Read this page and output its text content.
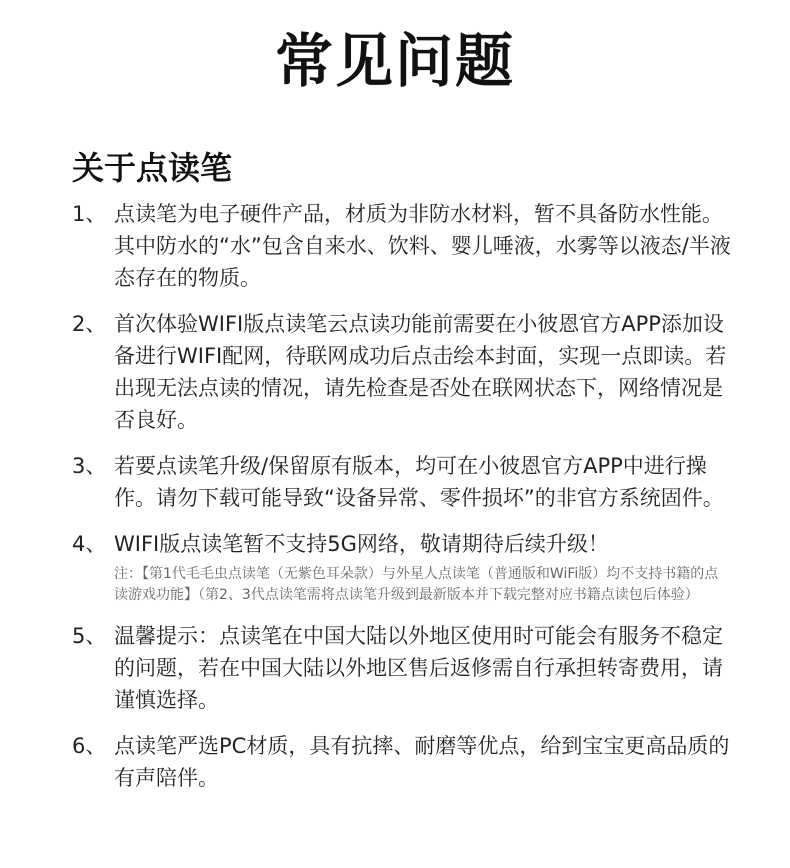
常见问题
关于点读笔
1、 点读笔为电子硬件产品，材质为非防水材料，暂不具备防水性能。其中防水的“水”包含自来水、饮料、婴儿唾液，水雾等以液态/半液态存在的物质。
2、 首次体验WIFI版点读笔云点读功能前需要在小彼恩官方APP添加设备进行WIFI配网，待联网成功后点击绘本封面，实现一点即读。若出现无法点读的情况，请先检查是否处在联网状态下，网络情况是否良好。
3、 若要点读笔升级/保留原有版本，均可在小彼恩官方APP中进行操作。请勿下载可能导致“设备异常、零件损坏”的非官方系统固件。
4、 WIFI版点读笔暂不支持5G网络，敬请期待后续升级！
注：【第1代毛毛虫点读笔（无紫色耳朵款）与外星人点读笔（普通版和WiFi版）均不支持书籍的点读游戏功能】（第2、3代点读笔需将点读笔升级到最新版本并下载完整对应书籍点读包后体验）
5、 温馨提示：点读笔在中国大陆以外地区使用时可能会有服务不稳定的问题，若在中国大陆以外地区售后返修需自行承担转寄费用，请谨慎选择。
6、 点读笔严选PC材质，具有抗摔、耐磨等优点，给到宝宝更高品质的有声陪伴。
